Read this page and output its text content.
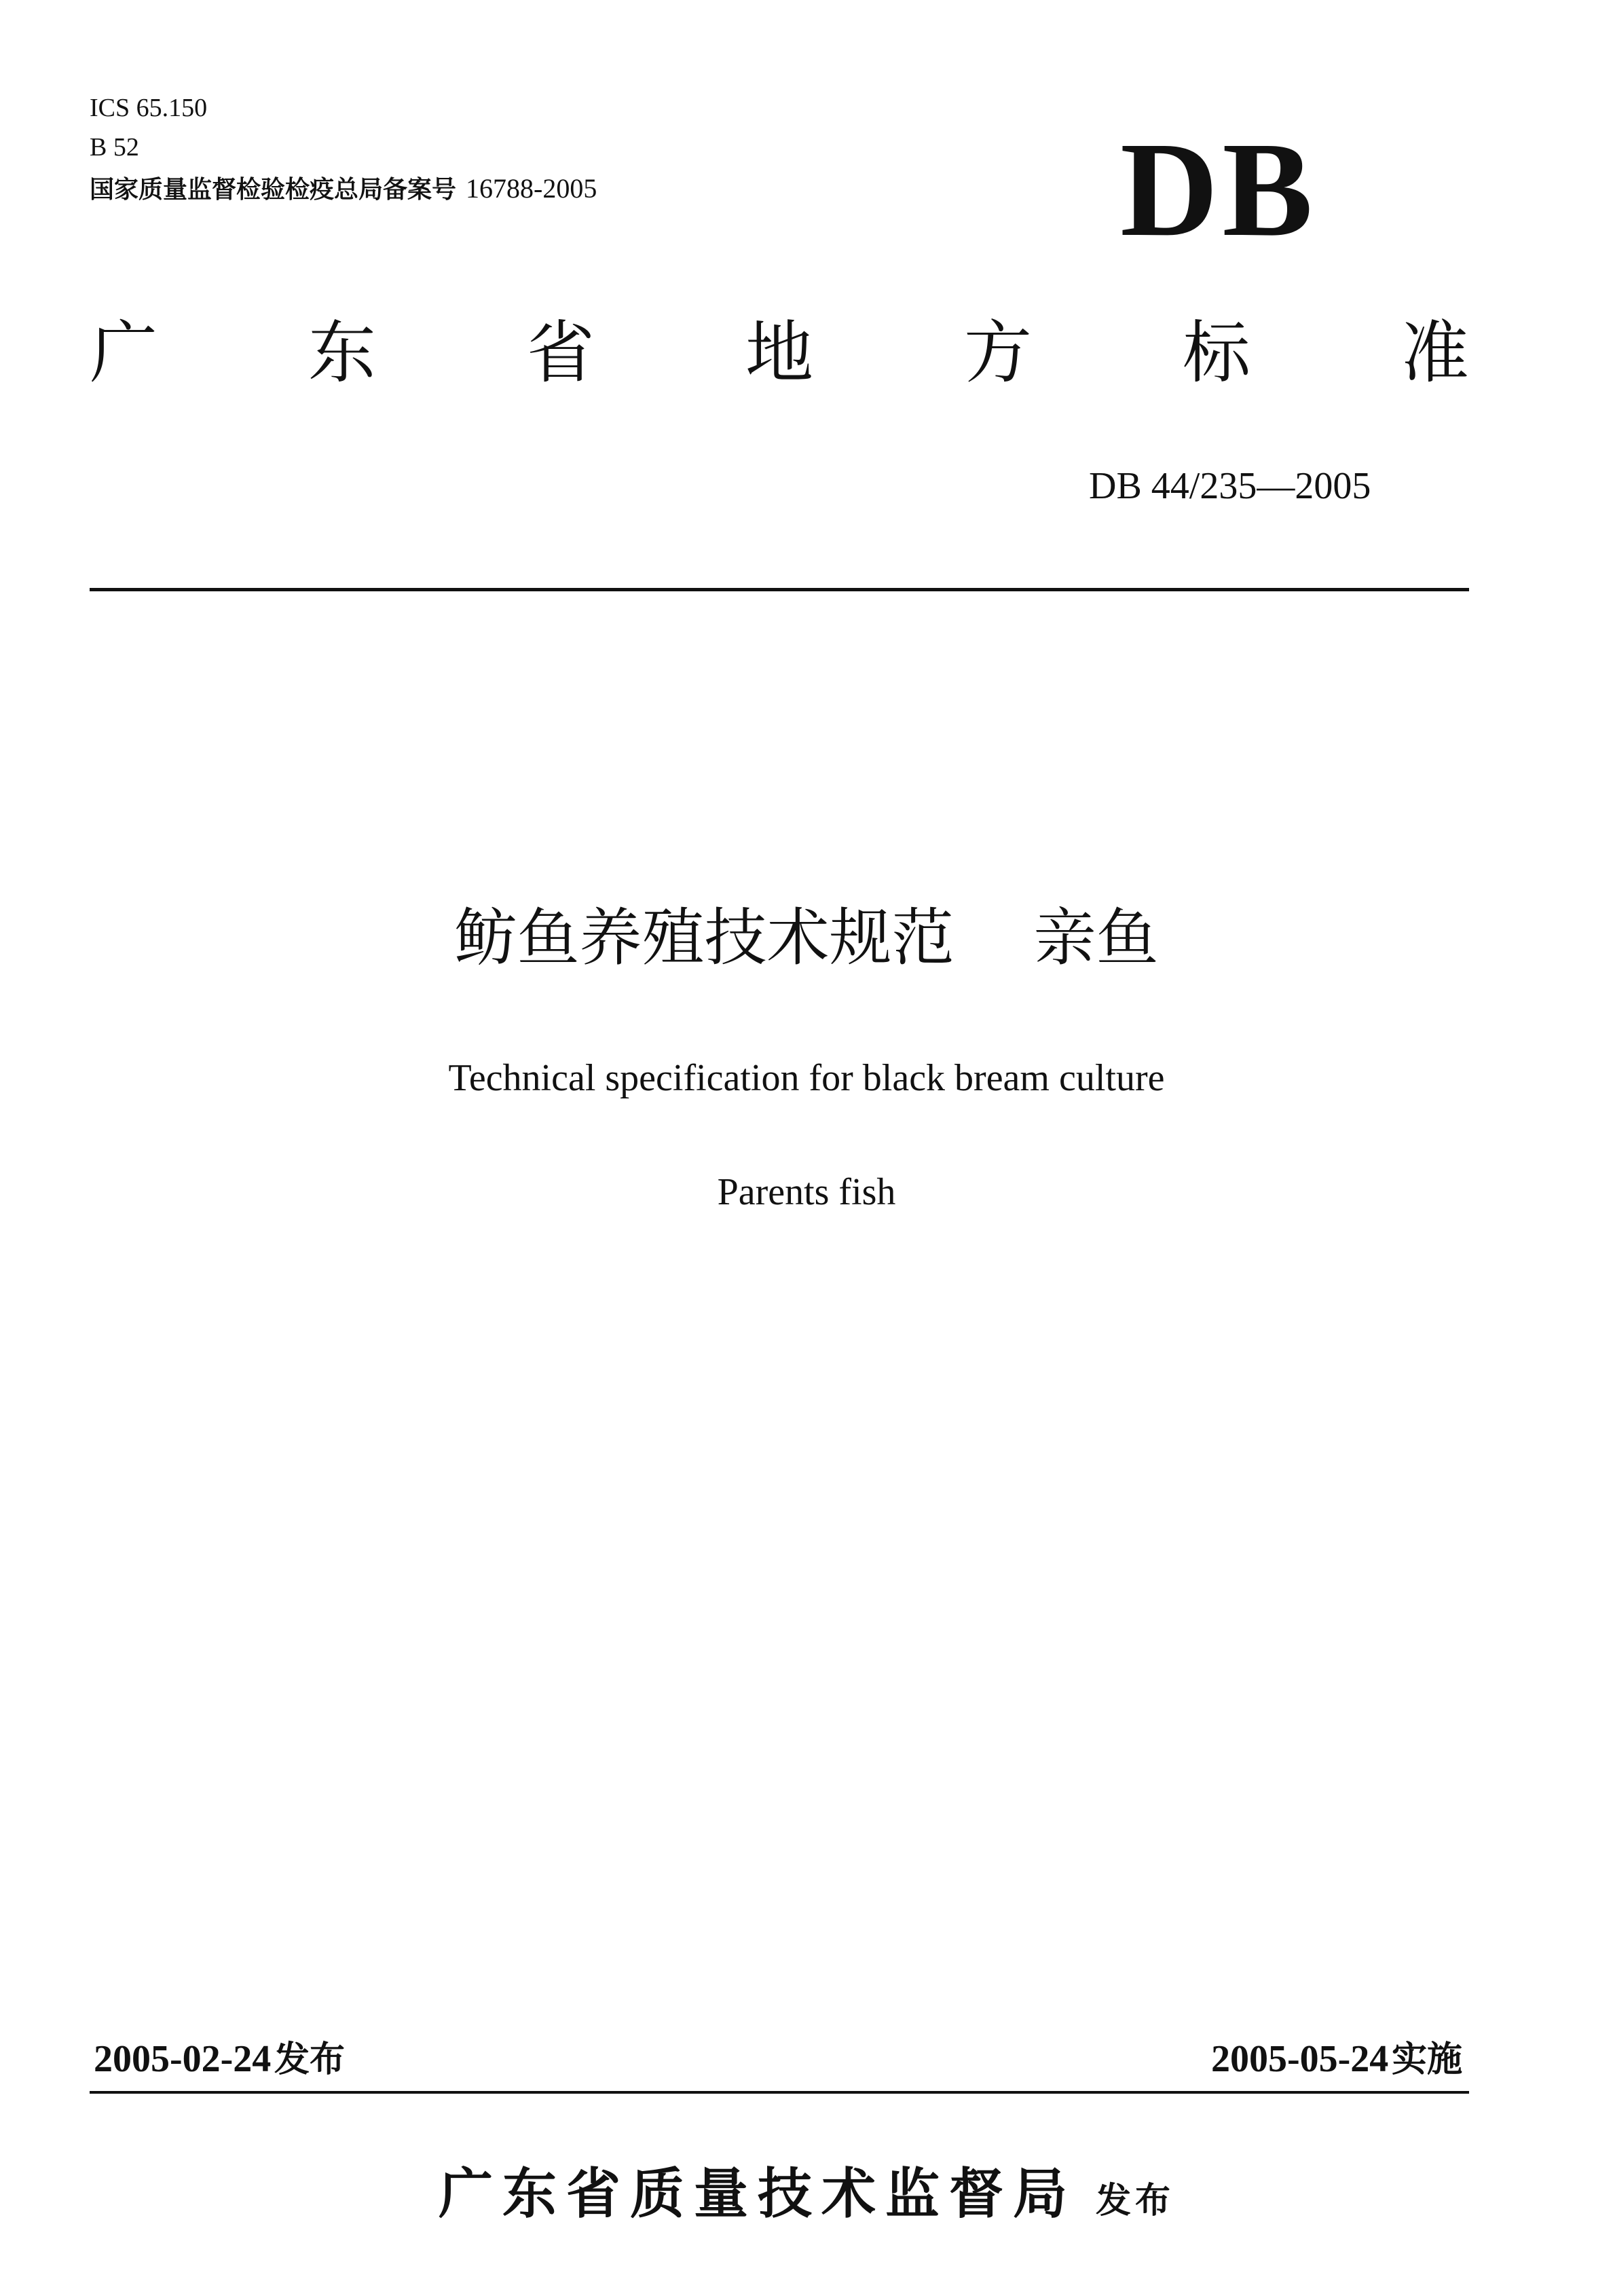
ICS 65.150
B 52
国家质量监督检验检疫总局备案号 16788-2005	DB
广 东 省 地 方 标 准
DB 44/235—2005
鲂鱼养殖技术规范    亲鱼
Technical specification for black bream culture
Parents fish
2005-02-24 发布	2005-05-24 实施
广东省质量技术监督局 发布
